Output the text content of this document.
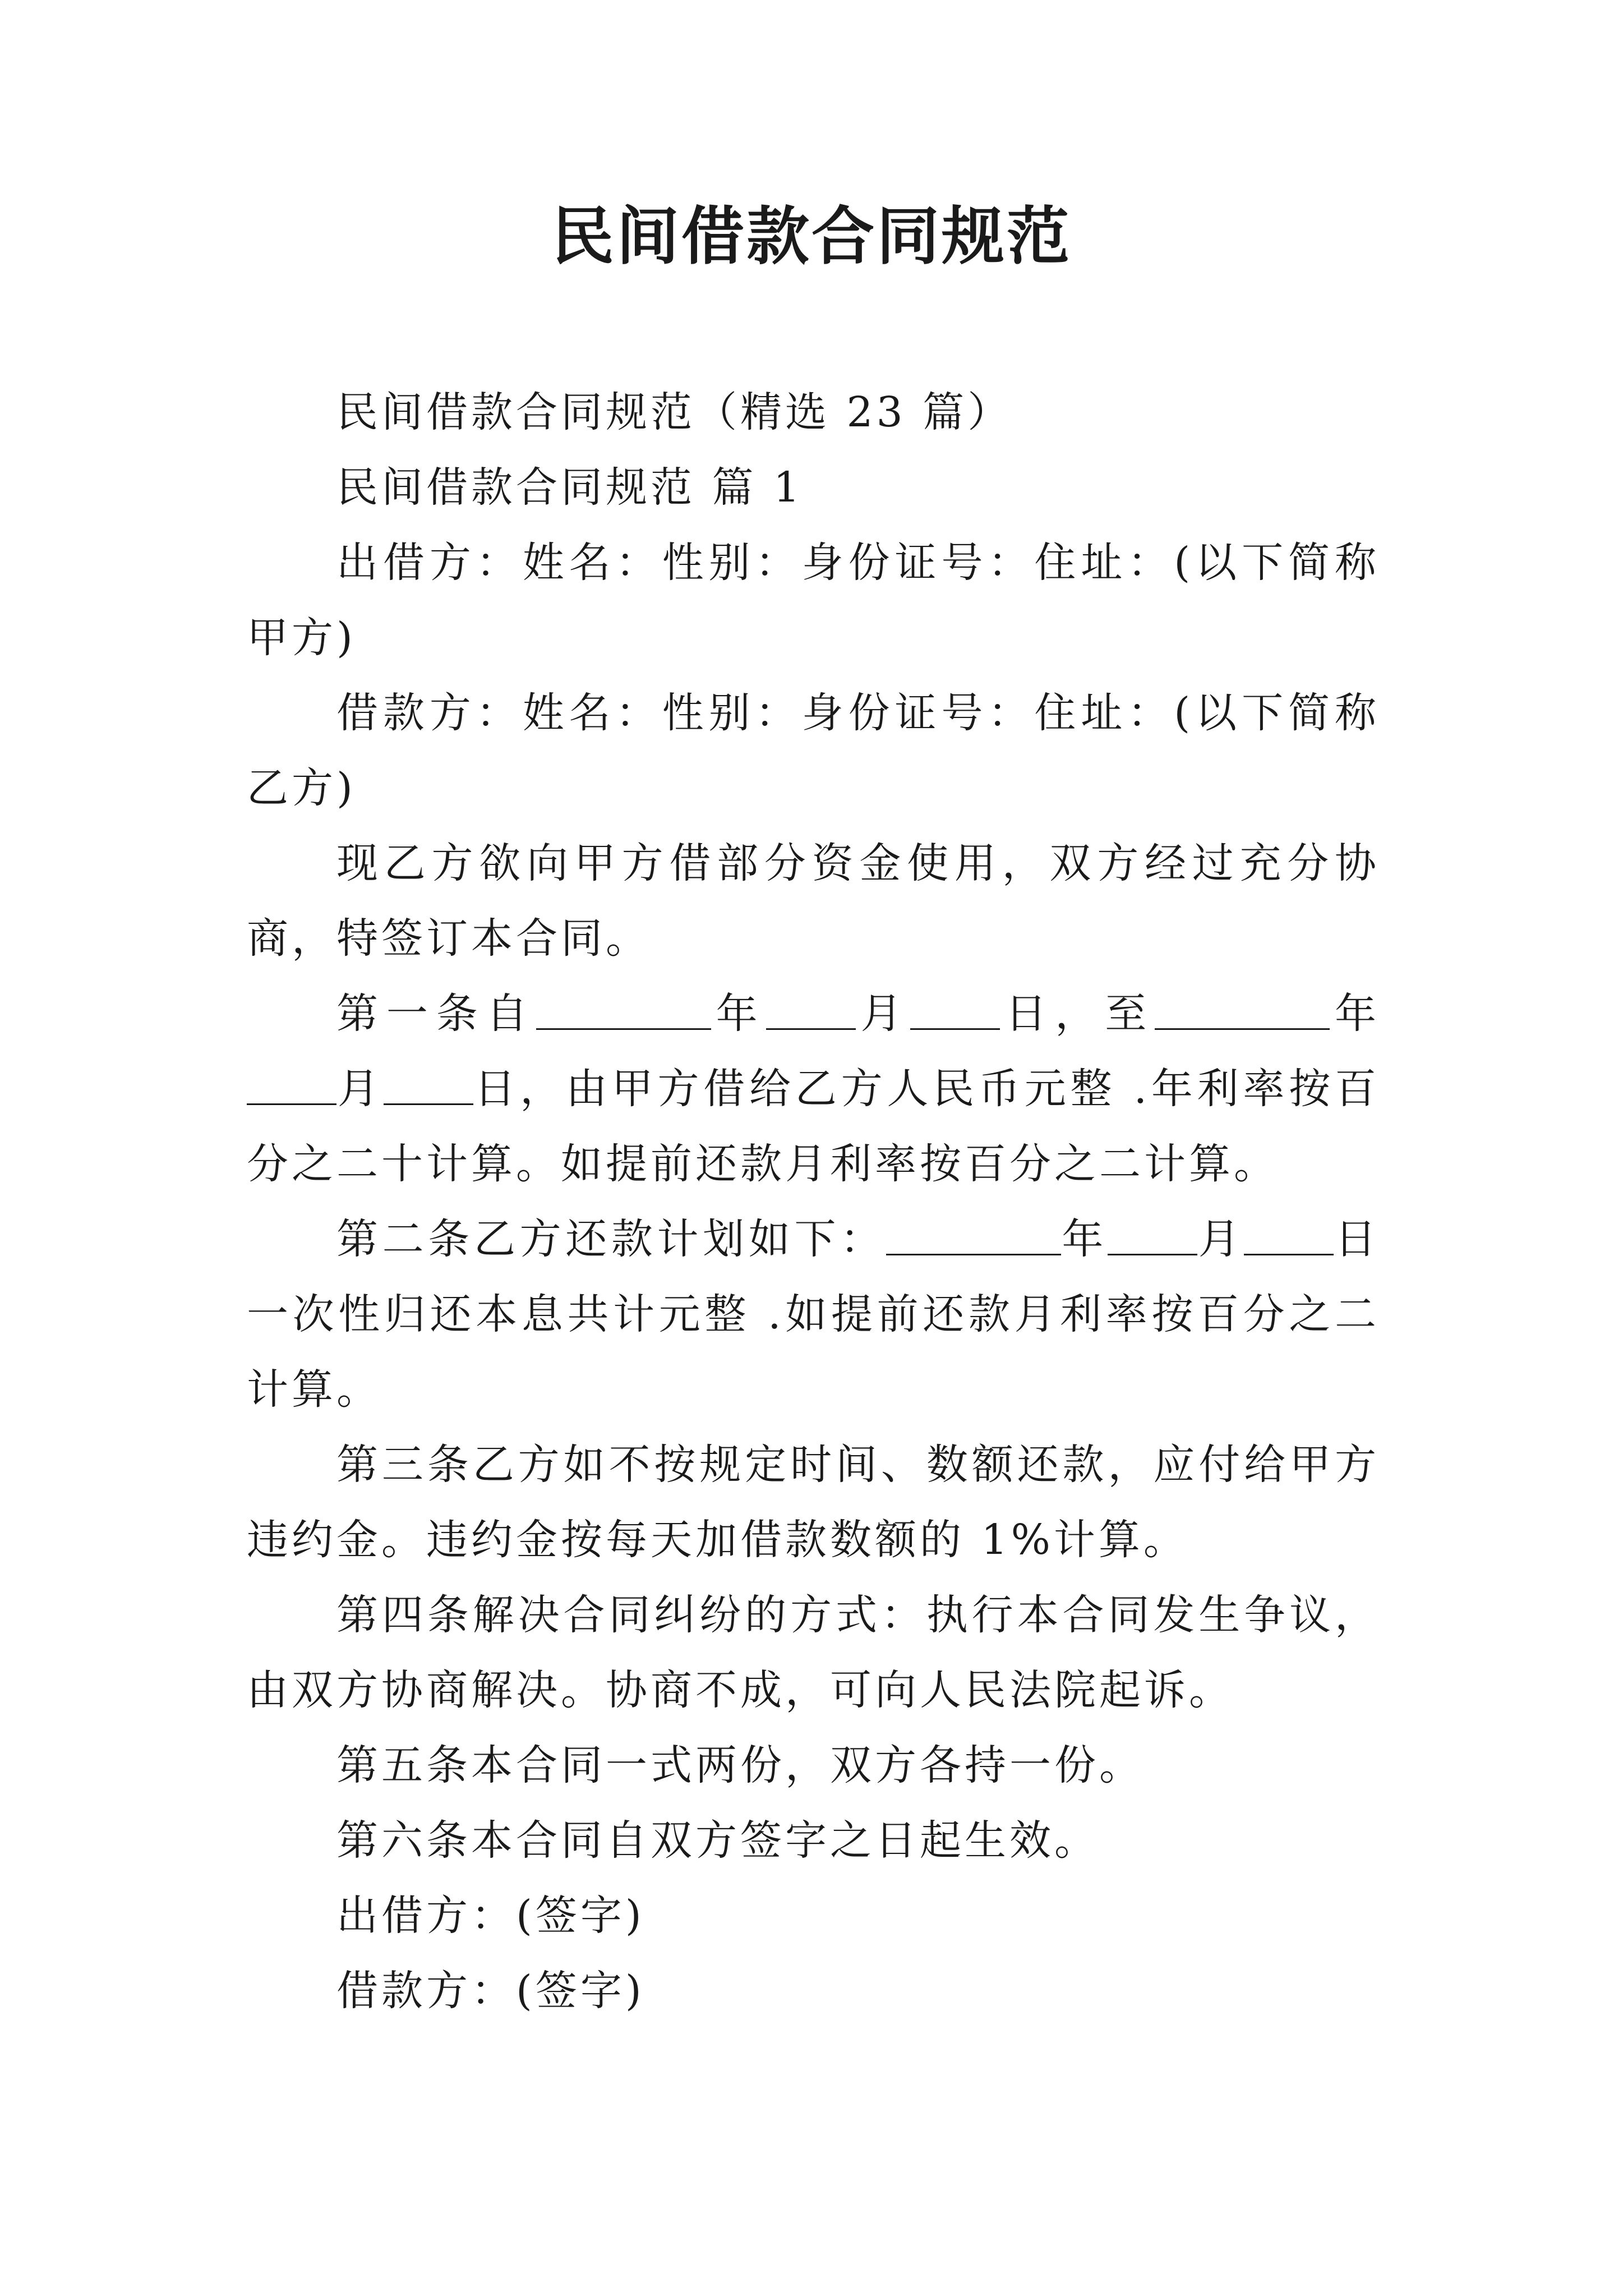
民间借款合同规范

民间借款合同规范（精选 23 篇）

民间借款合同规范 篇 1

出借方：姓名：性别：身份证号：住址：(以下简称甲方)

借款方：姓名：性别：身份证号：住址：(以下简称乙方)

现乙方欲向甲方借部分资金使用，双方经过充分协商，特签订本合同。

第一条自	年 月 日，至	年月 日，由甲方借给乙方人民币元整 .年利率按百分之二十计算。如提前还款月利率按百分之二计算。

第二条乙方还款计划如下：	年 月 日一次性归还本息共计元整 .如提前还款月利率按百分之二计算。

第三条乙方如不按规定时间、数额还款，应付给甲方违约金。违约金按每天加借款数额的 1%计算。

第四条解决合同纠纷的方式：执行本合同发生争议，由双方协商解决。协商不成，可向人民法院起诉。

第五条本合同一式两份，双方各持一份。

第六条本合同自双方签字之日起生效。

出借方：(签字)

借款方：(签字)
